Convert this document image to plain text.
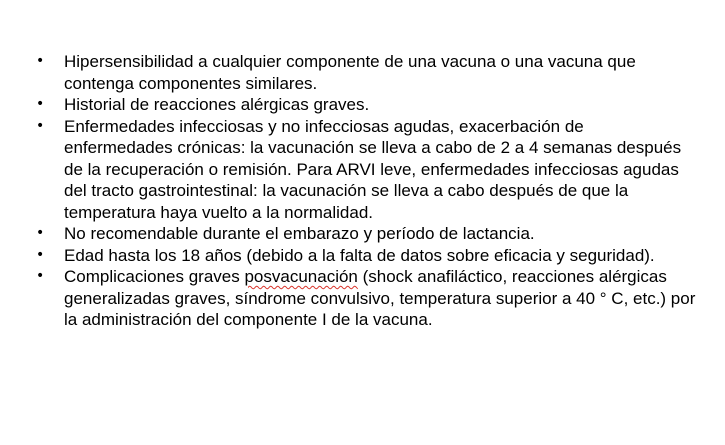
•	Hipersensibilidad a cualquier componente de una vacuna o una vacuna que contenga componentes similares.
•	Historial de reacciones alérgicas graves.
•	Enfermedades infecciosas y no infecciosas agudas, exacerbación de enfermedades crónicas: la vacunación se lleva a cabo de 2 a 4 semanas después de la recuperación o remisión. Para ARVI leve, enfermedades infecciosas agudas del tracto gastrointestinal: la vacunación se lleva a cabo después de que la temperatura haya vuelto a la normalidad.
•	No recomendable durante el embarazo y período de lactancia.
•	Edad hasta los 18 años (debido a la falta de datos sobre eficacia y seguridad).
•	Complicaciones graves posvacunación (shock anafiláctico, reacciones alérgicas generalizadas graves, síndrome convulsivo, temperatura superior a 40 ° C, etc.) por la administración del componente I de la vacuna.
